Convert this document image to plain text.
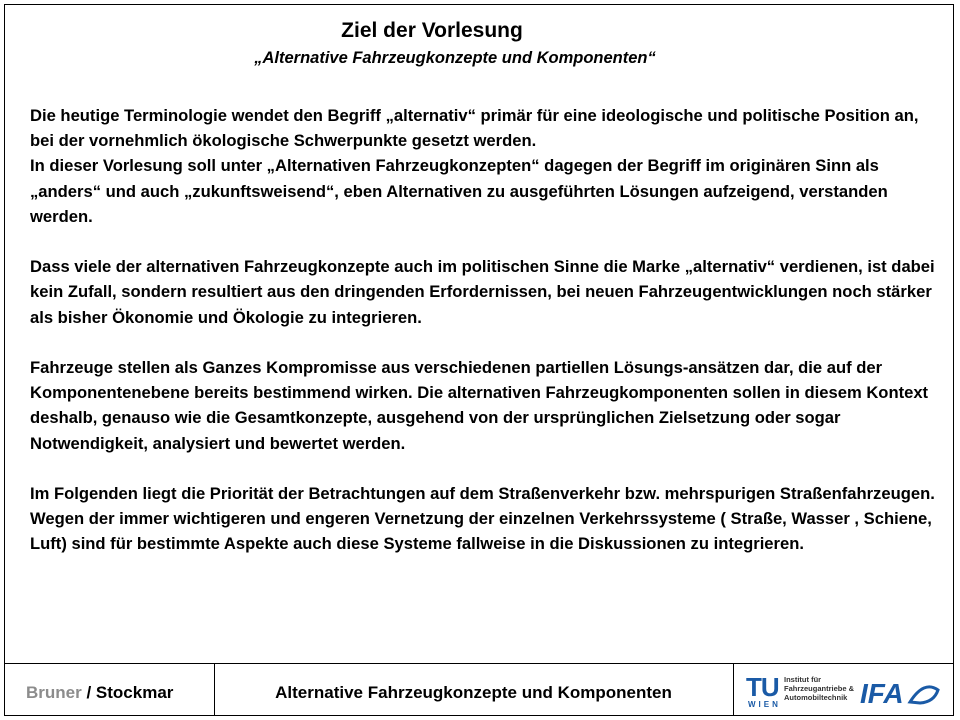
Ziel der Vorlesung
„Alternative Fahrzeugkonzepte und Komponenten“

Die heutige Terminologie wendet den Begriff „alternativ“ primär für eine ideologische und politische Position an, bei der vornehmlich ökologische Schwerpunkte gesetzt werden.
In dieser Vorlesung soll unter „Alternativen Fahrzeugkonzepten“ dagegen der Begriff im originären Sinn als „anders“ und auch „zukunftsweisend“, eben Alternativen zu ausgeführten Lösungen aufzeigend, verstanden werden.

Dass viele der alternativen Fahrzeugkonzepte auch im politischen Sinne die Marke „alternativ“ verdienen, ist dabei kein Zufall, sondern resultiert aus den dringenden Erfordernissen, bei neuen Fahrzeugentwicklungen noch stärker als bisher Ökonomie und Ökologie zu integrieren.

Fahrzeuge stellen als Ganzes Kompromisse aus verschiedenen partiellen Lösungs-ansätzen dar, die auf der Komponentenebene bereits bestimmend wirken. Die alternativen Fahrzeugkomponenten sollen in diesem Kontext deshalb, genauso wie die Gesamtkonzepte, ausgehend von der ursprünglichen Zielsetzung oder sogar Notwendigkeit, analysiert und bewertet werden.

Im Folgenden liegt die Priorität der Betrachtungen auf dem Straßenverkehr bzw. mehrspurigen Straßenfahrzeugen. Wegen der immer wichtigeren und engeren Vernetzung der einzelnen Verkehrssysteme ( Straße, Wasser , Schiene, Luft) sind für bestimmte Aspekte auch diese Systeme fallweise in die Diskussionen zu integrieren.

Bruner / Stockmar	Alternative Fahrzeugkonzepte und Komponenten	TU
WIEN
Institut für Fahrzeugantriebe & Automobiltechnik IFA
